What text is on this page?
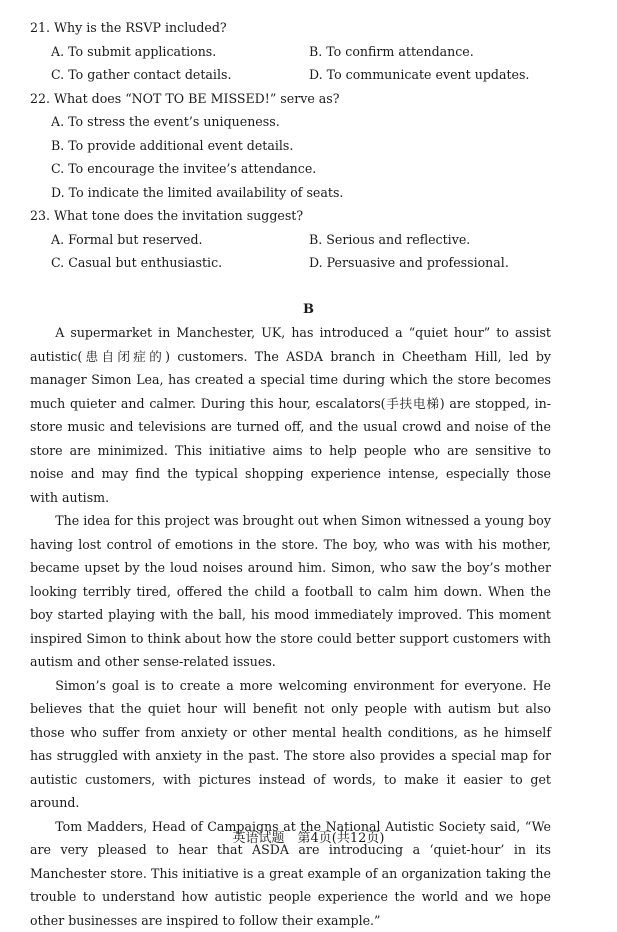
21. Why is the RSVP included?
A. To submit applications.	B. To confirm attendance.
C. To gather contact details.	D. To communicate event updates.
22. What does “NOT TO BE MISSED!” serve as?
A. To stress the event’s uniqueness.
B. To provide additional event details.
C. To encourage the invitee’s attendance.
D. To indicate the limited availability of seats.
23. What tone does the invitation suggest?
A. Formal but reserved.	B. Serious and reflective.
C. Casual but enthusiastic.	D. Persuasive and professional.
B

A supermarket in Manchester, UK, has introduced a “quiet hour” to assist autistic(患自闭症的) customers. The ASDA branch in Cheetham Hill, led by manager Simon Lea, has created a special time during which the store becomes much quieter and calmer. During this hour, escalators(手扶电梯) are stopped, in-store music and televisions are turned off, and the usual crowd and noise of the store are minimized. This initiative aims to help people who are sensitive to noise and may find the typical shopping experience intense, especially those with autism.

The idea for this project was brought out when Simon witnessed a young boy having lost control of emotions in the store. The boy, who was with his mother, became upset by the loud noises around him. Simon, who saw the boy’s mother looking terribly tired, offered the child a football to calm him down. When the boy started playing with the ball, his mood immediately improved. This moment inspired Simon to think about how the store could better support customers with autism and other sense-related issues.

Simon’s goal is to create a more welcoming environment for everyone. He believes that the quiet hour will benefit not only people with autism but also those who suffer from anxiety or other mental health conditions, as he himself has struggled with anxiety in the past. The store also provides a special map for autistic customers, with pictures instead of words, to make it easier to get around.

Tom Madders, Head of Campaigns at the National Autistic Society said, “We are very pleased to hear that ASDA are introducing a ‘quiet-hour’ in its Manchester store. This initiative is a great example of an organization taking the trouble to understand how autistic people experience the world and we hope other businesses are inspired to follow their example.”

英语试题　第4页(共12页)
